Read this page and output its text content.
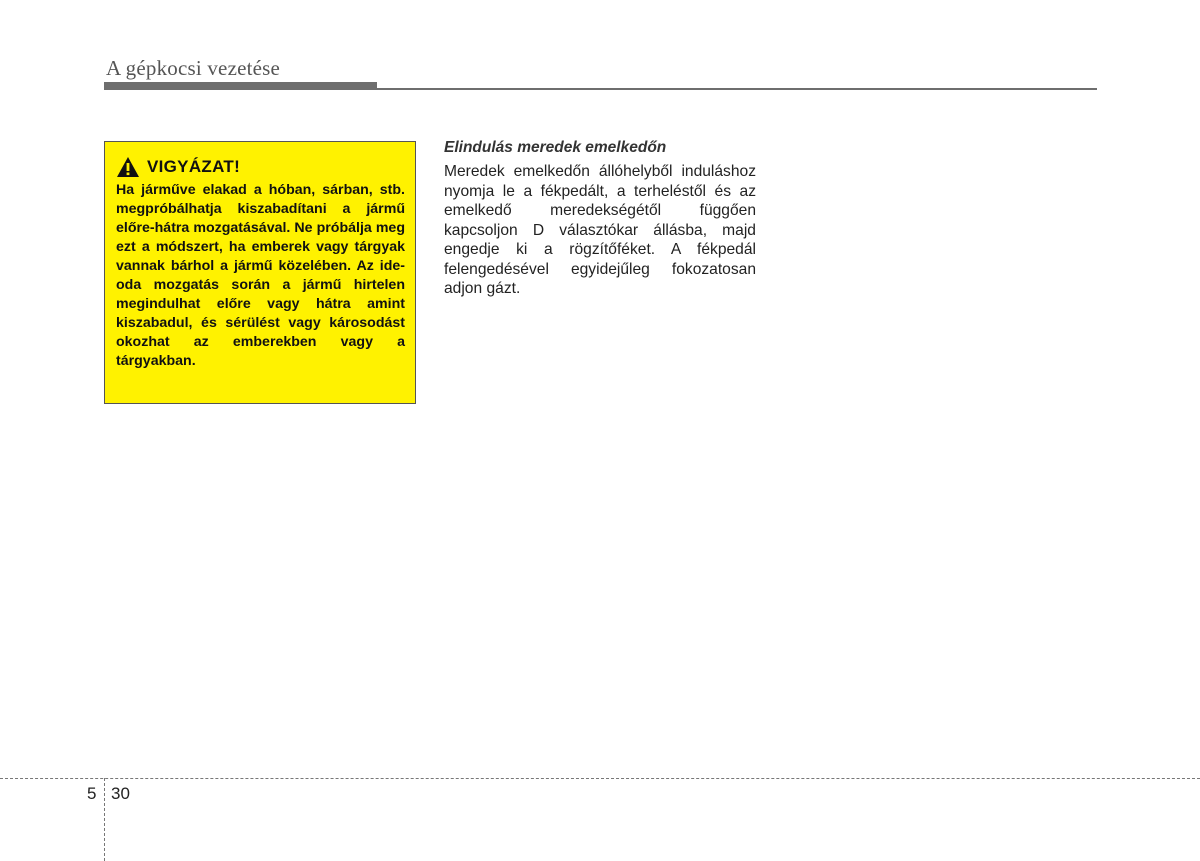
A gépkocsi vezetése
VIGYÁZAT!

Ha járműve elakad a hóban, sárban, stb. megpróbálhatja kiszabadítani a jármű előre-hátra mozgatásával. Ne próbálja meg ezt a módszert, ha emberek vagy tárgyak vannak bárhol a jármű közelében. Az ide-oda mozgatás során a jármű hirtelen megindulhat előre vagy hátra amint kiszabadul, és sérülést vagy károsodást okozhat az emberekben vagy a tárgyakban.

Elindulás meredek emelkedőn

Meredek emelkedőn állóhelyből induláshoz nyomja le a fékpedált, a terheléstől és az emelkedő meredekségétől függően kapcsoljon D választókar állásba, majd engedje ki a rögzítőféket. A fékpedál felengedésével egyidejűleg fokozatosan adjon gázt.

5 30
